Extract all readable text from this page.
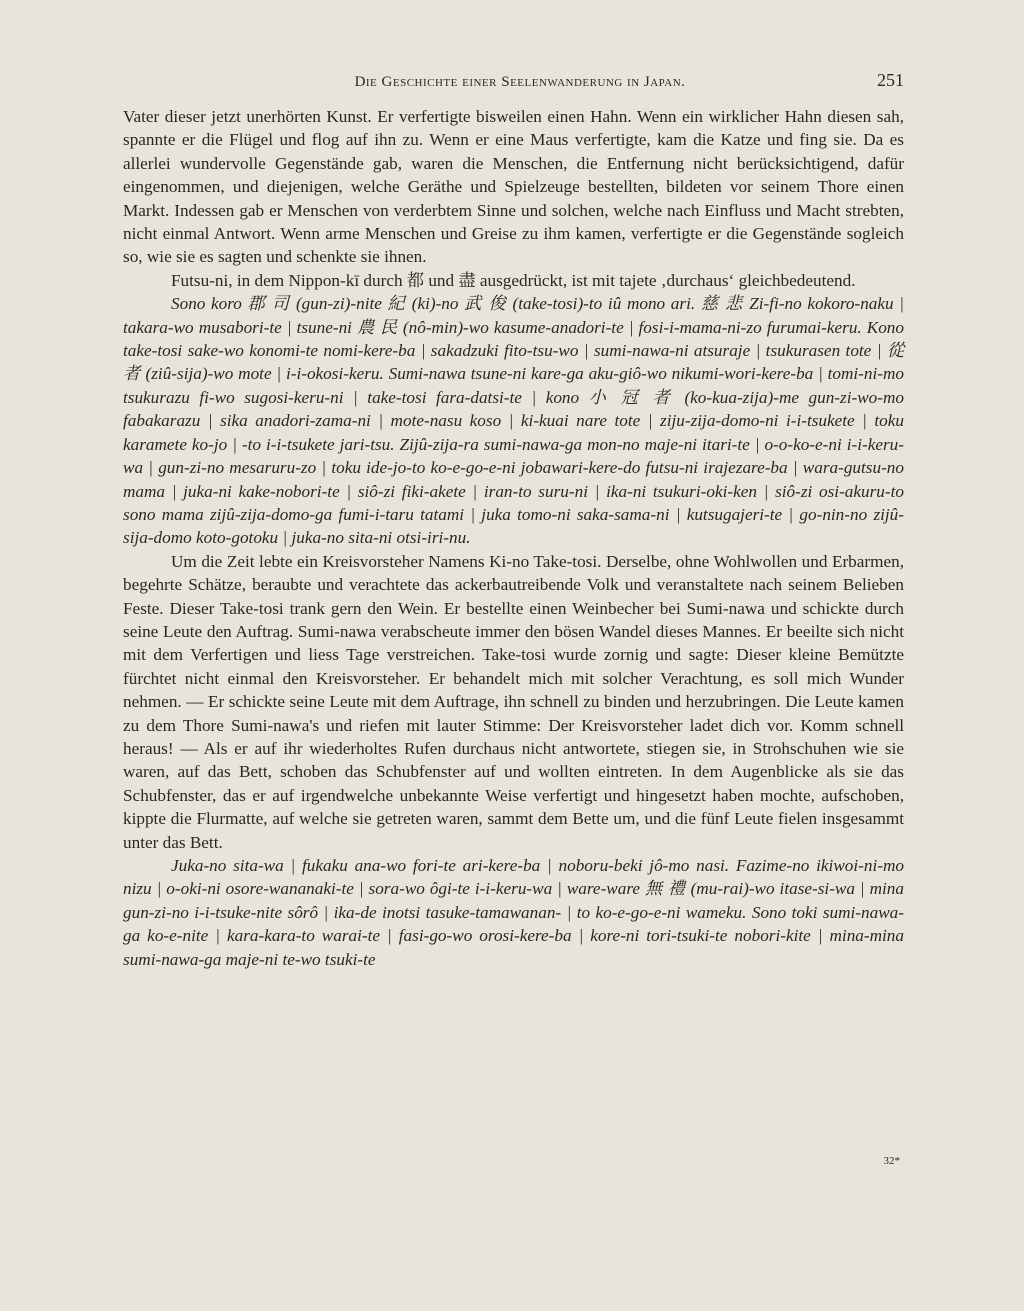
Die Geschichte einer Seelenwanderung in Japan.	251

Vater dieser jetzt unerhörten Kunst. Er verfertigte bisweilen einen Hahn. Wenn ein wirklicher Hahn diesen sah, spannte er die Flügel und flog auf ihn zu. Wenn er eine Maus verfertigte, kam die Katze und fing sie. Da es allerlei wundervolle Gegenstände gab, waren die Menschen, die Entfernung nicht berücksichtigend, dafür eingenommen, und diejenigen, welche Geräthe und Spielzeuge bestellten, bildeten vor seinem Thore einen Markt. Indessen gab er Menschen von verderbtem Sinne und solchen, welche nach Einfluss und Macht strebten, nicht einmal Antwort. Wenn arme Menschen und Greise zu ihm kamen, verfertigte er die Gegenstände sogleich so, wie sie es sagten und schenkte sie ihnen.

Futsu-ni, in dem Nippon-kī durch 都 und 盡 ausgedrückt, ist mit tajete ‚durchaus‘ gleichbedeutend.

Sono koro 郡 司 (gun-zi)-nite 紀 (ki)-no 武 俊 (take-tosi)-to iû mono ari. 慈 悲 Zi-fi-no kokoro-naku | takara-wo musabori-te | tsune-ni 農 民 (nô-min)-wo kasume-anadori-te | fosi-i-mama-ni-zo furumai-keru. Kono take-tosi sake-wo konomi-te nomi-kere-ba | sakadzuki fito-tsu-wo | sumi-nawa-ni atsuraje | tsukurasen tote | 從 者 (ziû-sija)-wo mote | i-i-okosi-keru. Sumi-nawa tsune-ni kare-ga aku-giô-wo nikumi-wori-kere-ba | tomi-ni-mo tsukurazu fi-wo sugosi-keru-ni | take-tosi fara-datsi-te | kono 小 冠 者 (ko-kua-zija)-me gun-zi-wo-mo fabakarazu | sika anadori-zama-ni | mote-nasu koso | ki-kuai nare tote | ziju-zija-domo-ni i-i-tsukete | toku karamete ko-jo | -to i-i-tsukete jari-tsu. Zijû-zija-ra sumi-nawa-ga mon-no maje-ni itari-te | o-o-ko-e-ni i-i-keru-wa | gun-zi-no mesaruru-zo | toku ide-jo-to ko-e-go-e-ni jobawari-kere-do futsu-ni irajezare-ba | wara-gutsu-no mama | juka-ni kake-nobori-te | siô-zi fiki-akete | iran-to suru-ni | ika-ni tsukuri-oki-ken | siô-zi osi-akuru-to sono mama zijû-zija-domo-ga fumi-i-taru tatami | juka tomo-ni saka-sama-ni | kutsugajeri-te | go-nin-no zijû-sija-domo koto-gotoku | juka-no sita-ni otsi-iri-nu.

Um die Zeit lebte ein Kreisvorsteher Namens Ki-no Take-tosi. Derselbe, ohne Wohlwollen und Erbarmen, begehrte Schätze, beraubte und verachtete das ackerbautreibende Volk und veranstaltete nach seinem Belieben Feste. Dieser Take-tosi trank gern den Wein. Er bestellte einen Weinbecher bei Sumi-nawa und schickte durch seine Leute den Auftrag. Sumi-nawa verabscheute immer den bösen Wandel dieses Mannes. Er beeilte sich nicht mit dem Verfertigen und liess Tage verstreichen. Take-tosi wurde zornig und sagte: Dieser kleine Bemützte fürchtet nicht einmal den Kreisvorsteher. Er behandelt mich mit solcher Verachtung, es soll mich Wunder nehmen. — Er schickte seine Leute mit dem Auftrage, ihn schnell zu binden und herzubringen. Die Leute kamen zu dem Thore Sumi-nawa's und riefen mit lauter Stimme: Der Kreisvorsteher ladet dich vor. Komm schnell heraus! — Als er auf ihr wiederholtes Rufen durchaus nicht antwortete, stiegen sie, in Strohschuhen wie sie waren, auf das Bett, schoben das Schubfenster auf und wollten eintreten. In dem Augenblicke als sie das Schubfenster, das er auf irgendwelche unbekannte Weise verfertigt und hingesetzt haben mochte, aufschoben, kippte die Flurmatte, auf welche sie getreten waren, sammt dem Bette um, und die fünf Leute fielen insgesammt unter das Bett.

Juka-no sita-wa | fukaku ana-wo fori-te ari-kere-ba | noboru-beki jô-mo nasi. Fazime-no ikiwoi-ni-mo nizu | o-oki-ni osore-wananaki-te | sora-wo ôgi-te i-i-keru-wa | ware-ware 無 禮 (mu-rai)-wo itase-si-wa | mina gun-zi-no i-i-tsuke-nite sôrô | ika-de inotsi tasuke-tamawanan- | to ko-e-go-e-ni wameku. Sono toki sumi-nawa-ga ko-e-nite | kara-kara-to warai-te | fasi-go-wo orosi-kere-ba | kore-ni tori-tsuki-te nobori-kite | mina-mina sumi-nawa-ga maje-ni te-wo tsuki-te

32*
